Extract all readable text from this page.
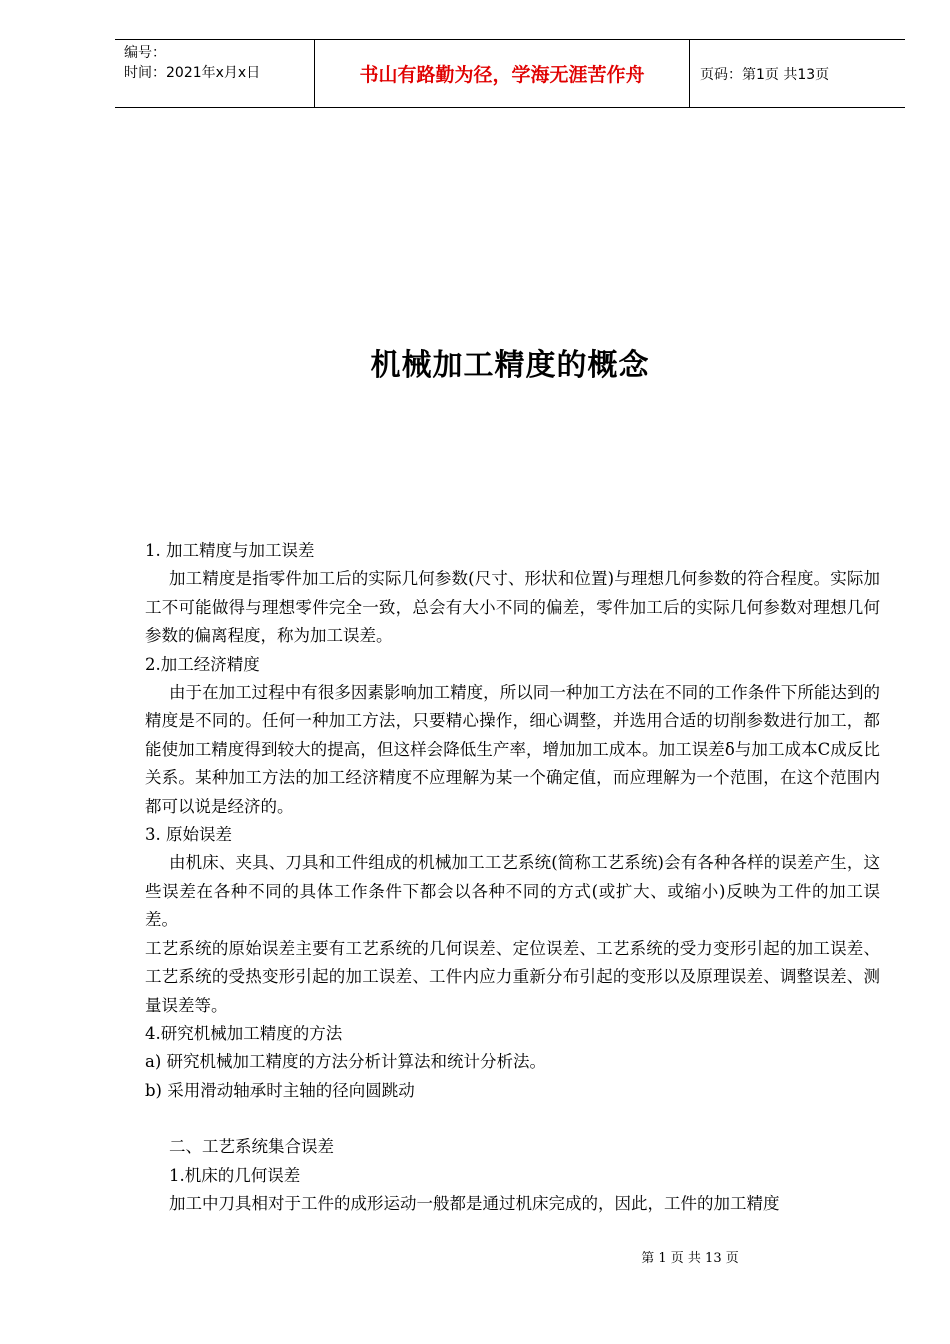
编号：
时间：2021年x月x日	书山有路勤为径，学海无涯苦作舟	页码：第1页 共13页
机械加工精度的概念

1. 加工精度与加工误差

加工精度是指零件加工后的实际几何参数(尺寸、形状和位置)与理想几何参数的符合程度。实际加工不可能做得与理想零件完全一致，总会有大小不同的偏差，零件加工后的实际几何参数对理想几何参数的偏离程度，称为加工误差。

2.加工经济精度

由于在加工过程中有很多因素影响加工精度，所以同一种加工方法在不同的工作条件下所能达到的精度是不同的。任何一种加工方法，只要精心操作，细心调整，并选用合适的切削参数进行加工，都能使加工精度得到较大的提高，但这样会降低生产率，增加加工成本。加工误差δ与加工成本C成反比关系。某种加工方法的加工经济精度不应理解为某一个确定值，而应理解为一个范围，在这个范围内都可以说是经济的。

3. 原始误差

由机床、夹具、刀具和工件组成的机械加工工艺系统(简称工艺系统)会有各种各样的误差产生，这些误差在各种不同的具体工作条件下都会以各种不同的方式(或扩大、或缩小)反映为工件的加工误差。

工艺系统的原始误差主要有工艺系统的几何误差、定位误差、工艺系统的受力变形引起的加工误差、工艺系统的受热变形引起的加工误差、工件内应力重新分布引起的变形以及原理误差、调整误差、测量误差等。

4.研究机械加工精度的方法

a) 研究机械加工精度的方法分析计算法和统计分析法。

b) 采用滑动轴承时主轴的径向圆跳动

二、工艺系统集合误差

1.机床的几何误差

加工中刀具相对于工件的成形运动一般都是通过机床完成的，因此，工件的加工精度

第 1 页 共 13 页
